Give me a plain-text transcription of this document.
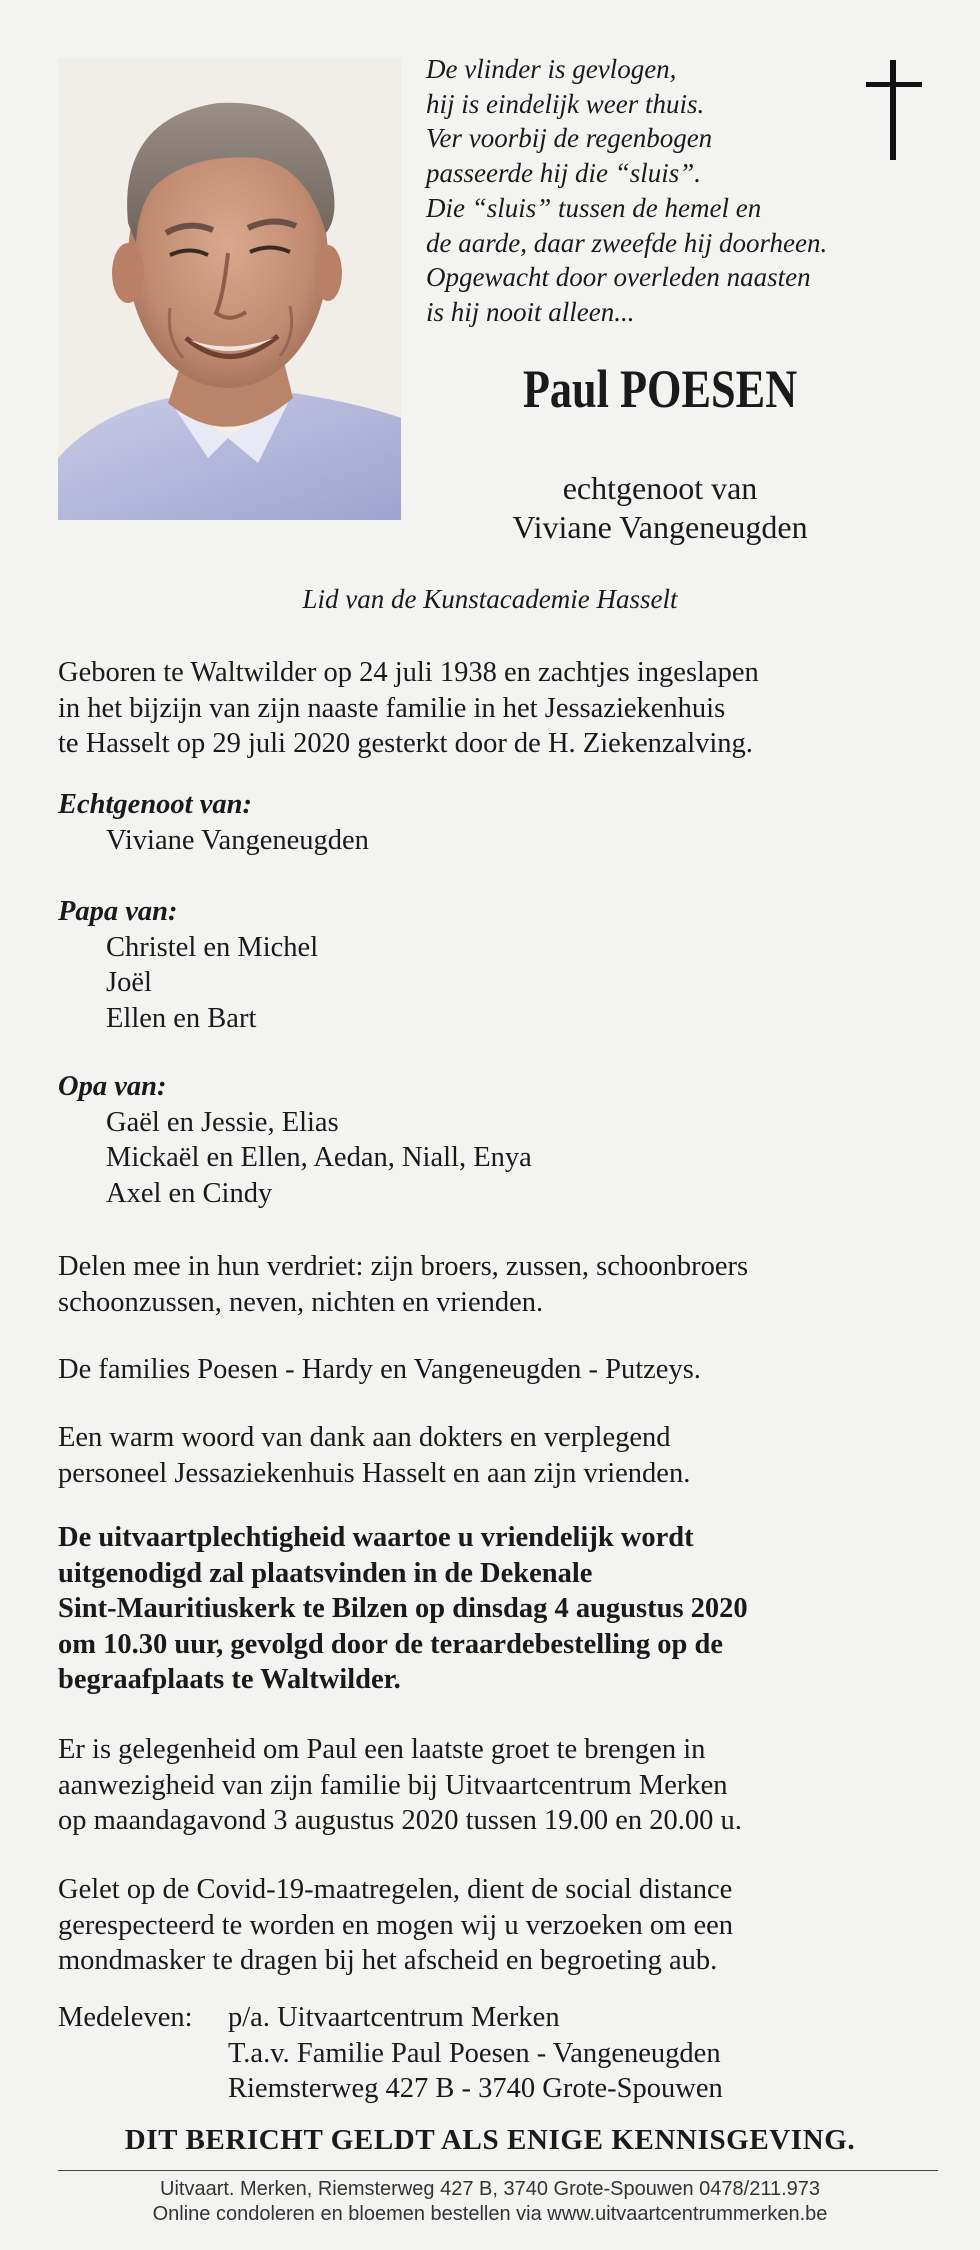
De vlinder is gevlogen,
hij is eindelijk weer thuis.
Ver voorbij de regenbogen
passeerde hij die “sluis”.
Die “sluis” tussen de hemel en
de aarde, daar zweefde hij doorheen.
Opgewacht door overleden naasten
is hij nooit alleen...
Paul POESEN
echtgenoot van
Viviane Vangeneugden
Lid van de Kunstacademie Hasselt
Geboren te Waltwilder op 24 juli 1938 en zachtjes ingeslapen
in het bijzijn van zijn naaste familie in het Jessaziekenhuis
te Hasselt op 29 juli 2020 gesterkt door de H. Ziekenzalving.
Echtgenoot van:
Viviane Vangeneugden
Papa van:
Christel en Michel
Joël
Ellen en Bart
Opa van:
Gaël en Jessie, Elias
Mickaël en Ellen, Aedan, Niall, Enya
Axel en Cindy
Delen mee in hun verdriet: zijn broers, zussen, schoonbroers
schoonzussen, neven, nichten en vrienden.
De families Poesen - Hardy en Vangeneugden - Putzeys.
Een warm woord van dank aan dokters en verplegend
personeel Jessaziekenhuis Hasselt en aan zijn vrienden.
De uitvaartplechtigheid waartoe u vriendelijk wordt
uitgenodigd zal plaatsvinden in de Dekenale
Sint-Mauritiuskerk te Bilzen op dinsdag 4 augustus 2020
om 10.30 uur, gevolgd door de teraardebestelling op de
begraafplaats te Waltwilder.
Er is gelegenheid om Paul een laatste groet te brengen in
aanwezigheid van zijn familie bij Uitvaartcentrum Merken
op maandagavond 3 augustus 2020 tussen 19.00 en 20.00 u.
Gelet op de Covid-19-maatregelen, dient de social distance
gerespecteerd te worden en mogen wij u verzoeken om een
mondmasker te dragen bij het afscheid en begroeting aub.
Medeleven: p/a. Uitvaartcentrum Merken
T.a.v. Familie Paul Poesen - Vangeneugden
Riemsterweg 427 B - 3740 Grote-Spouwen
DIT BERICHT GELDT ALS ENIGE KENNISGEVING.
Uitvaart. Merken, Riemsterweg 427 B, 3740 Grote-Spouwen 0478/211.973
Online condoleren en bloemen bestellen via www.uitvaartcentrummerken.be
